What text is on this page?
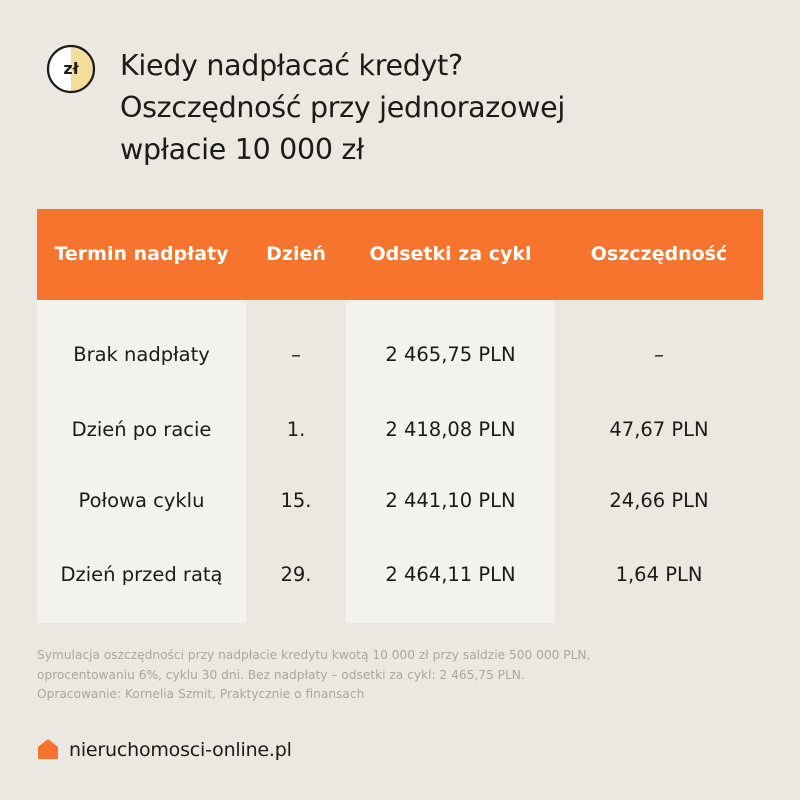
zł	Kiedy nadpłacać kredyt?
Oszczędność przy jednorazowej
wpłacie 10 000 zł
Termin nadpłaty	Dzień	Odsetki za cykl	Oszczędność
Brak nadpłaty	–	2 465,75 PLN	–
Dzień po racie	1.	2 418,08 PLN	47,67 PLN
Połowa cyklu	15.	2 441,10 PLN	24,66 PLN
Dzień przed ratą	29.	2 464,11 PLN	1,64 PLN
Symulacja oszczędności przy nadpłacie kredytu kwotą 10 000 zł przy saldzie 500 000 PLN,
oprocentowaniu 6%, cyklu 30 dni. Bez nadpłaty – odsetki za cykl: 2 465,75 PLN.
Opracowanie: Kornelia Szmit, Praktycznie o finansach
nieruchomosci-online.pl
